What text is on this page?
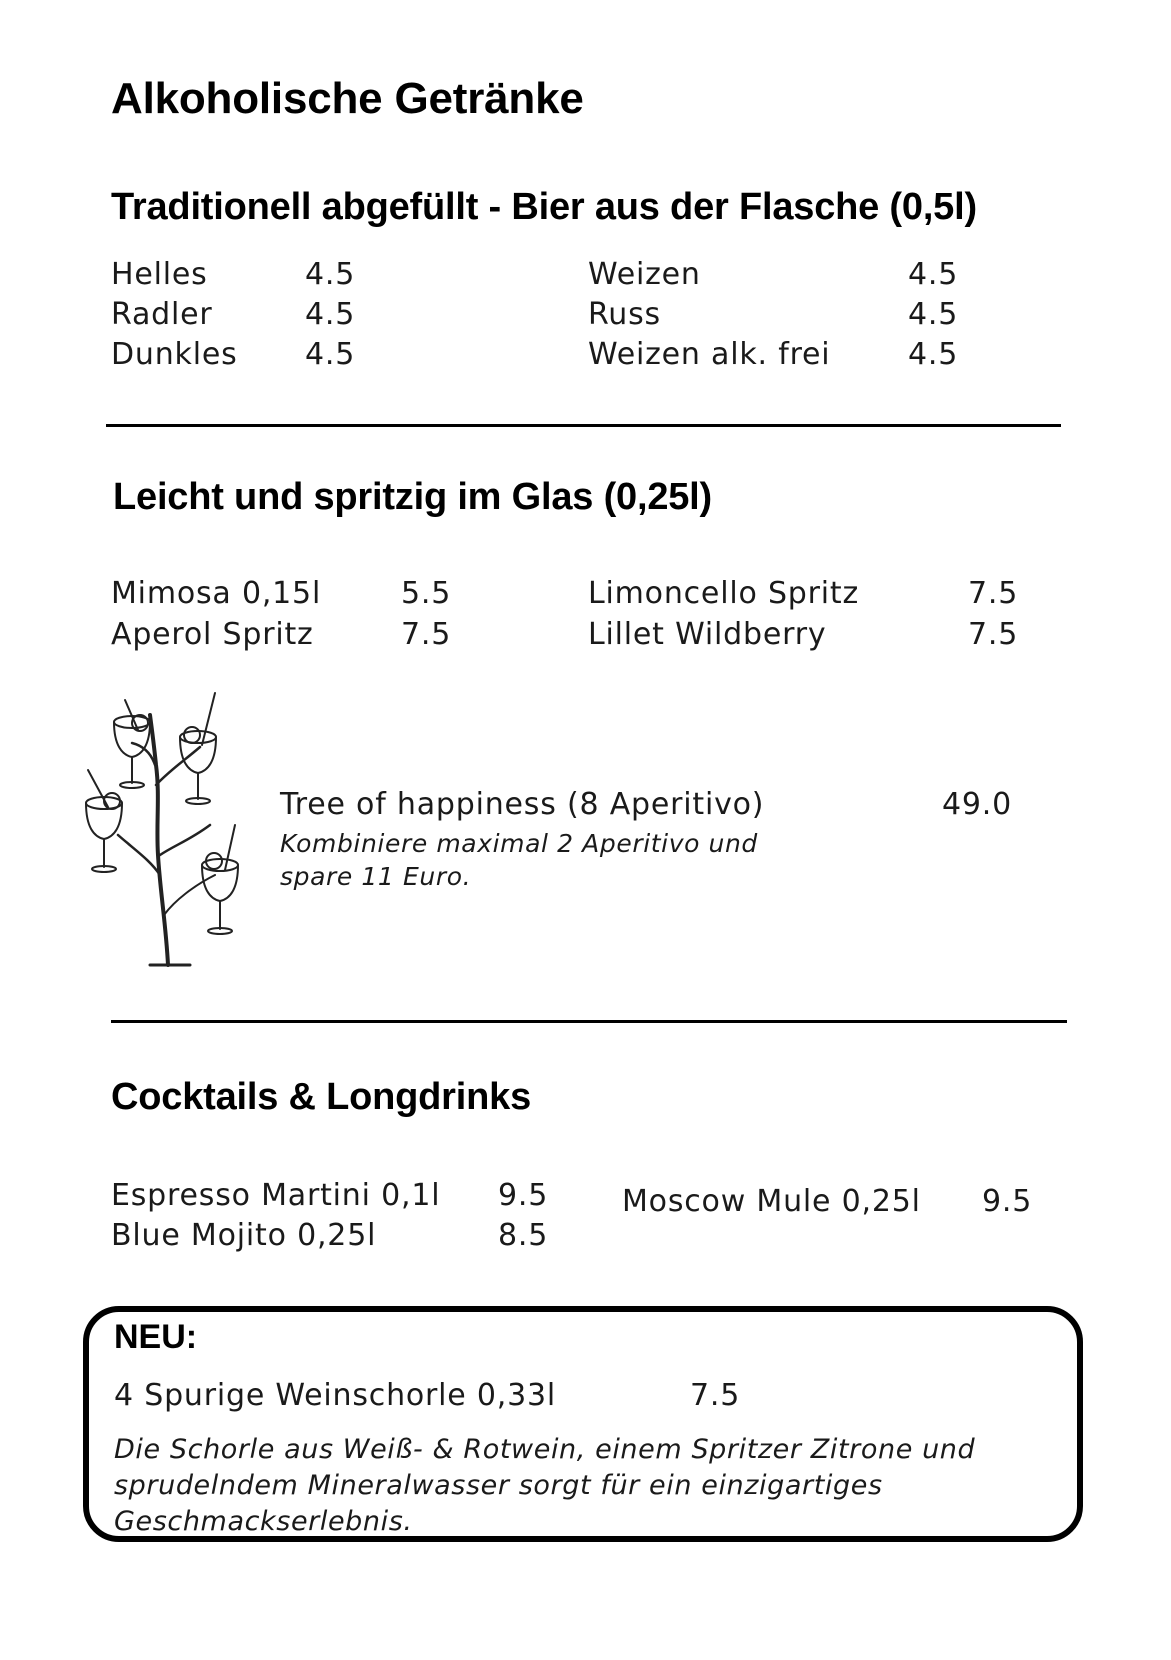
Alkoholische Getränke
Traditionell abgefüllt - Bier aus der Flasche (0,5l)
Helles	4.5
Radler	4.5
Dunkles 4.5
Weizen	4.5
Russ	4.5
Weizen alk. frei	4.5
Leicht und spritzig im Glas (0,25l)
Mimosa 0,15l	5.5
Aperol Spritz	7.5
Limoncello Spritz	7.5
Lillet Wildberry	7.5
Tree of happiness (8 Aperitivo)	49.0
Kombiniere maximal 2 Aperitivo und
spare 11 Euro.
Cocktails & Longdrinks
Espresso Martini 0,1l 9.5
Blue Mojito 0,25l	8.5
Moscow Mule 0,25l 9.5
NEU:
4 Spurige Weinschorle 0,33l	7.5
Die Schorle aus Weiß- & Rotwein, einem Spritzer Zitrone und
sprudelndem Mineralwasser sorgt für ein einzigartiges
Geschmackserlebnis.
